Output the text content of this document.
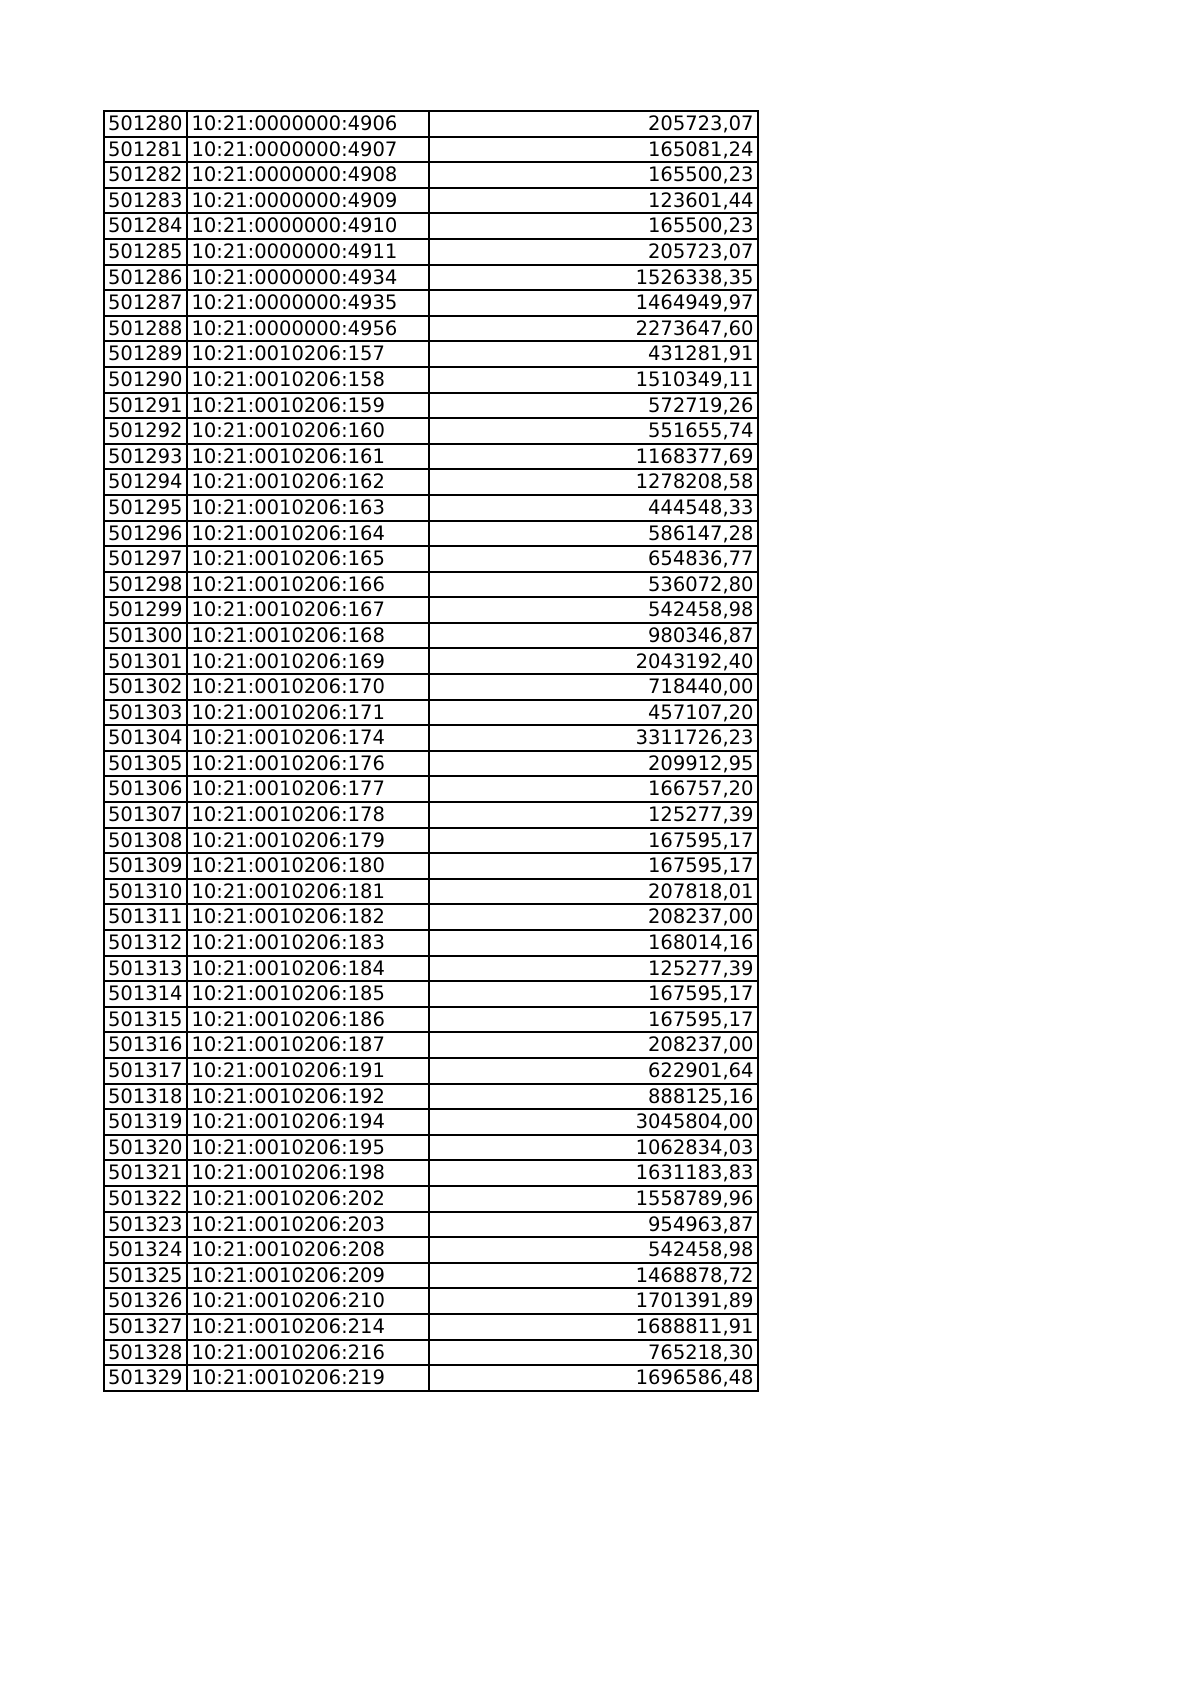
501280	10:21:0000000:4906	205723,07
501281	10:21:0000000:4907	165081,24
501282	10:21:0000000:4908	165500,23
501283	10:21:0000000:4909	123601,44
501284	10:21:0000000:4910	165500,23
501285	10:21:0000000:4911	205723,07
501286	10:21:0000000:4934	1526338,35
501287	10:21:0000000:4935	1464949,97
501288	10:21:0000000:4956	2273647,60
501289	10:21:0010206:157	431281,91
501290	10:21:0010206:158	1510349,11
501291	10:21:0010206:159	572719,26
501292	10:21:0010206:160	551655,74
501293	10:21:0010206:161	1168377,69
501294	10:21:0010206:162	1278208,58
501295	10:21:0010206:163	444548,33
501296	10:21:0010206:164	586147,28
501297	10:21:0010206:165	654836,77
501298	10:21:0010206:166	536072,80
501299	10:21:0010206:167	542458,98
501300	10:21:0010206:168	980346,87
501301	10:21:0010206:169	2043192,40
501302	10:21:0010206:170	718440,00
501303	10:21:0010206:171	457107,20
501304	10:21:0010206:174	3311726,23
501305	10:21:0010206:176	209912,95
501306	10:21:0010206:177	166757,20
501307	10:21:0010206:178	125277,39
501308	10:21:0010206:179	167595,17
501309	10:21:0010206:180	167595,17
501310	10:21:0010206:181	207818,01
501311	10:21:0010206:182	208237,00
501312	10:21:0010206:183	168014,16
501313	10:21:0010206:184	125277,39
501314	10:21:0010206:185	167595,17
501315	10:21:0010206:186	167595,17
501316	10:21:0010206:187	208237,00
501317	10:21:0010206:191	622901,64
501318	10:21:0010206:192	888125,16
501319	10:21:0010206:194	3045804,00
501320	10:21:0010206:195	1062834,03
501321	10:21:0010206:198	1631183,83
501322	10:21:0010206:202	1558789,96
501323	10:21:0010206:203	954963,87
501324	10:21:0010206:208	542458,98
501325	10:21:0010206:209	1468878,72
501326	10:21:0010206:210	1701391,89
501327	10:21:0010206:214	1688811,91
501328	10:21:0010206:216	765218,30
501329	10:21:0010206:219	1696586,48
